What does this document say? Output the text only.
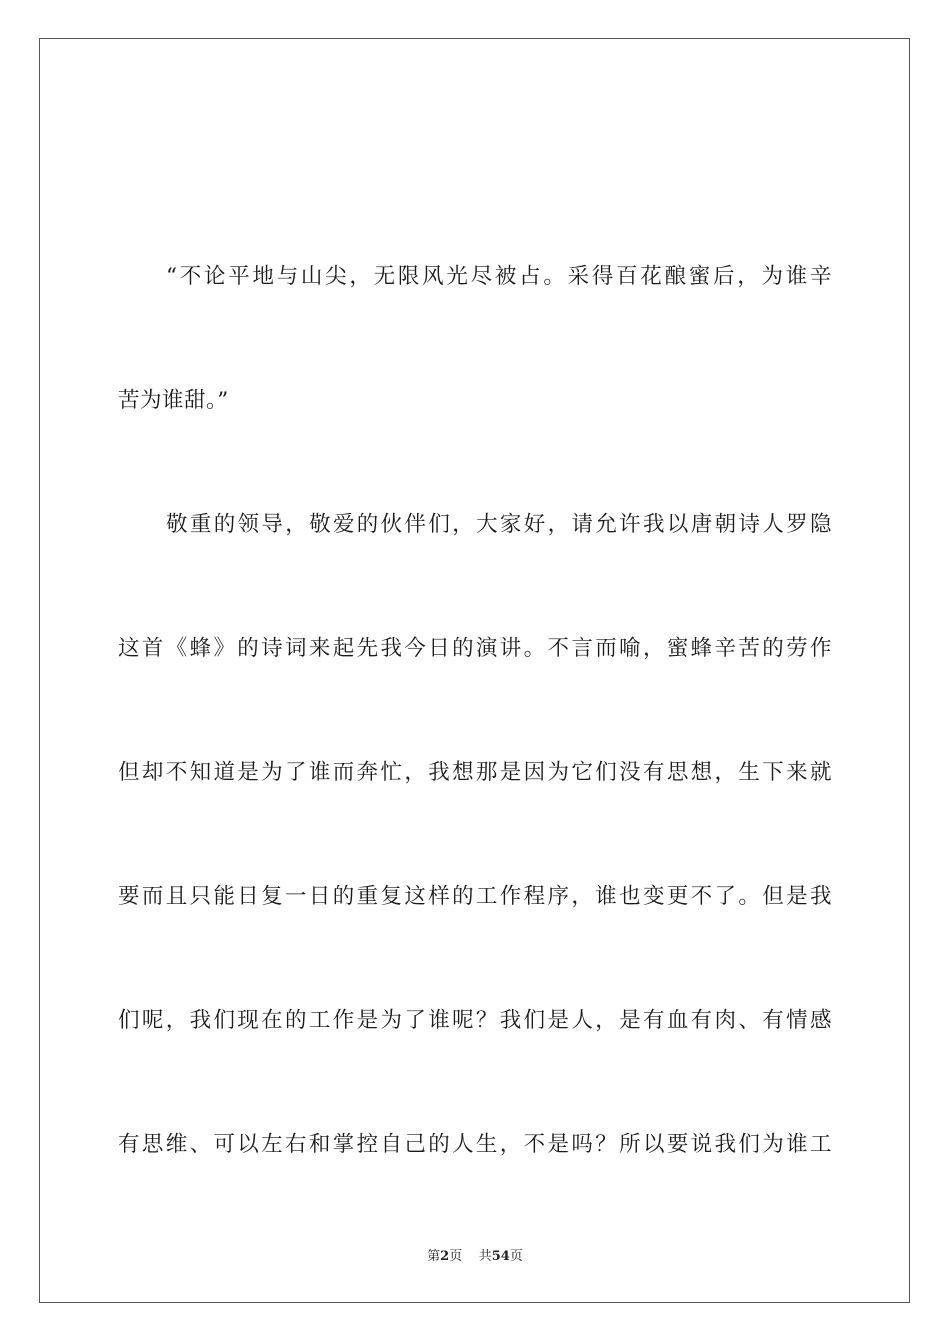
“不论平地与山尖，无限风光尽被占。采得百花酿蜜后，为谁辛
苦为谁甜。”
敬重的领导，敬爱的伙伴们，大家好，请允许我以唐朝诗人罗隐
这首《蜂》的诗词来起先我今日的演讲。不言而喻，蜜蜂辛苦的劳作
但却不知道是为了谁而奔忙，我想那是因为它们没有思想，生下来就
要而且只能日复一日的重复这样的工作程序，谁也变更不了。但是我
们呢，我们现在的工作是为了谁呢？我们是人，是有血有肉、有情感
有思维、可以左右和掌控自己的人生，不是吗？所以要说我们为谁工
第2页 共54页
